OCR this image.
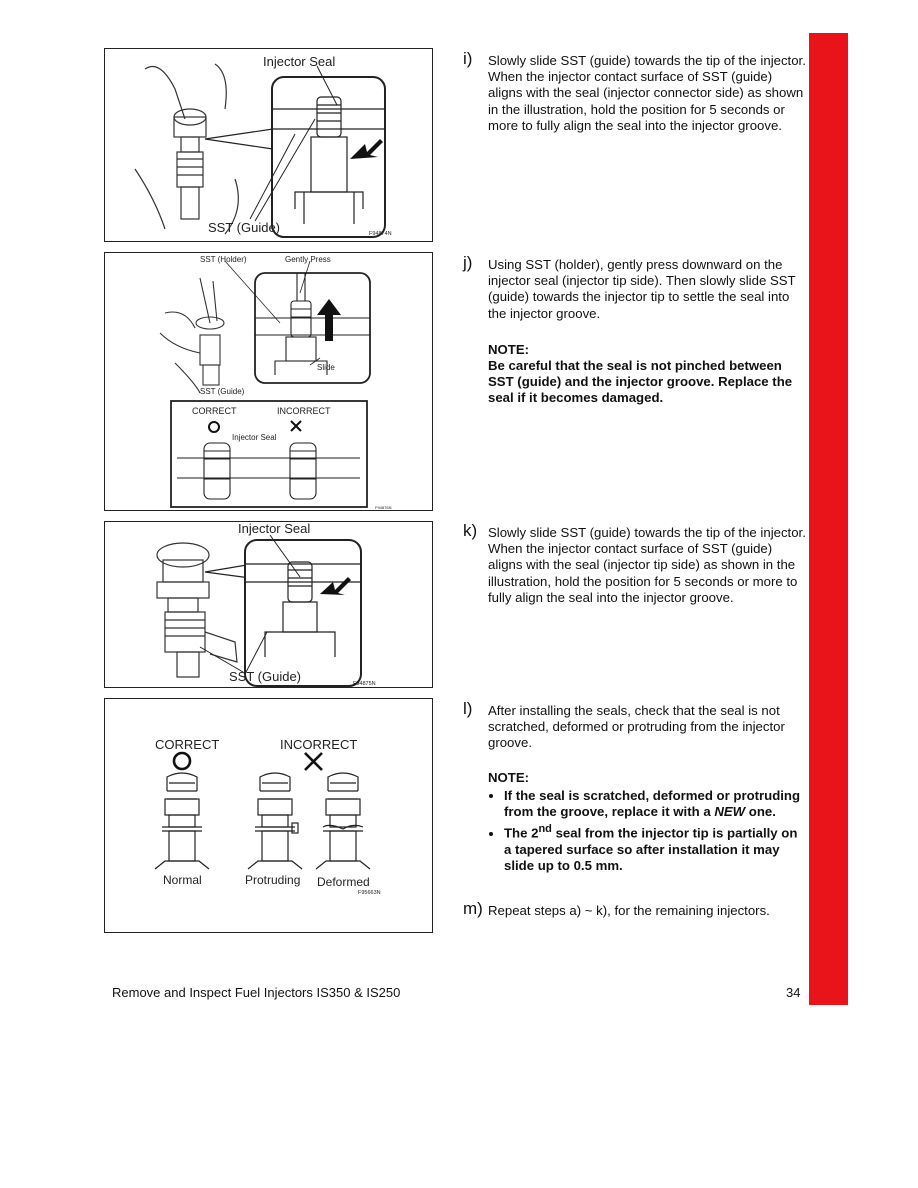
Injector Seal
SST (Guide)	F94874N
SST (Holder)	Gently Press
Slide
SST (Guide)
CORRECT	INCORRECT
Injector Seal
F94876N
Injector Seal
SST (Guide)	F94875N
CORRECT	INCORRECT
Normal	Protruding Deformed
F95663N
i) Slowly slide SST (guide) towards the tip of the injector. When the injector contact surface of SST (guide) aligns with the seal (injector connector side) as shown in the illustration, hold the position for 5 seconds or more to fully align the seal into the injector groove.
j) Using SST (holder), gently press downward on the injector seal (injector tip side). Then slowly slide SST (guide) towards the injector tip to settle the seal into the injector groove.
NOTE:
Be careful that the seal is not pinched between SST (guide) and the injector groove. Replace the seal if it becomes damaged.
k) Slowly slide SST (guide) towards the tip of the injector. When the injector contact surface of SST (guide) aligns with the seal (injector tip side) as shown in the illustration, hold the position for 5 seconds or more to fully align the seal into the injector groove.
l) After installing the seals, check that the seal is not scratched, deformed or protruding from the injector groove.
NOTE:
• If the seal is scratched, deformed or protruding from the groove, replace it with a NEW one.
• The 2nd seal from the injector tip is partially on a tapered surface so after installation it may slide up to 0.5 mm.
m) Repeat steps a) ~ k), for the remaining injectors.
Remove and Inspect Fuel Injectors IS350 & IS250	34
